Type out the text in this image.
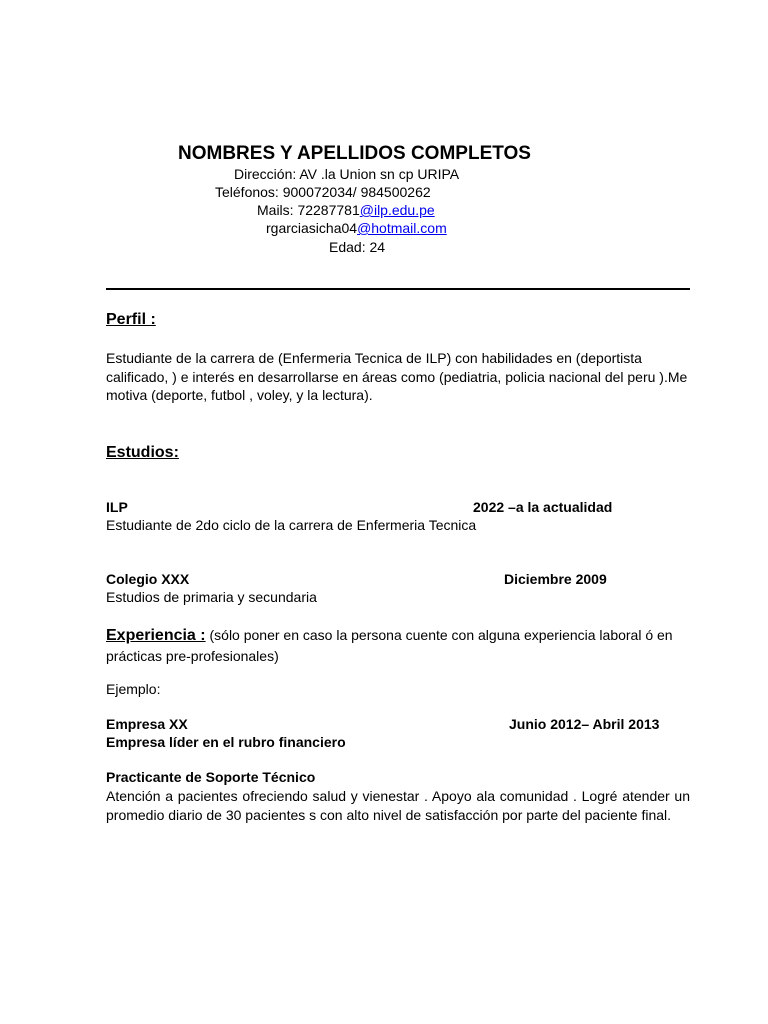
NOMBRES Y APELLIDOS COMPLETOS
Dirección: AV .la Union sn cp URIPA
Teléfonos: 900072034/ 984500262
Mails: 72287781@ilp.edu.pe
rgarciasicha04@hotmail.com
Edad: 24
Perfil :
Estudiante de la carrera de (Enfermeria Tecnica de ILP) con habilidades en (deportista calificado, ) e interés en desarrollarse en áreas como (pediatria, policia nacional del peru ).Me motiva (deporte, futbol , voley, y la lectura).
Estudios:
ILP	2022 –a la actualidad
Estudiante de 2do ciclo de la carrera de Enfermeria Tecnica
Colegio XXX	Diciembre 2009
Estudios de primaria y secundaria
Experiencia : (sólo poner en caso la persona cuente con alguna experiencia laboral ó en prácticas pre-profesionales)
Ejemplo:
Empresa XX	Junio 2012– Abril 2013
Empresa líder en el rubro financiero
Practicante de Soporte Técnico
Atención a pacientes ofreciendo salud y vienestar . Apoyo ala comunidad . Logré atender un promedio diario de 30 pacientes s con alto nivel de satisfacción por parte del paciente final.
